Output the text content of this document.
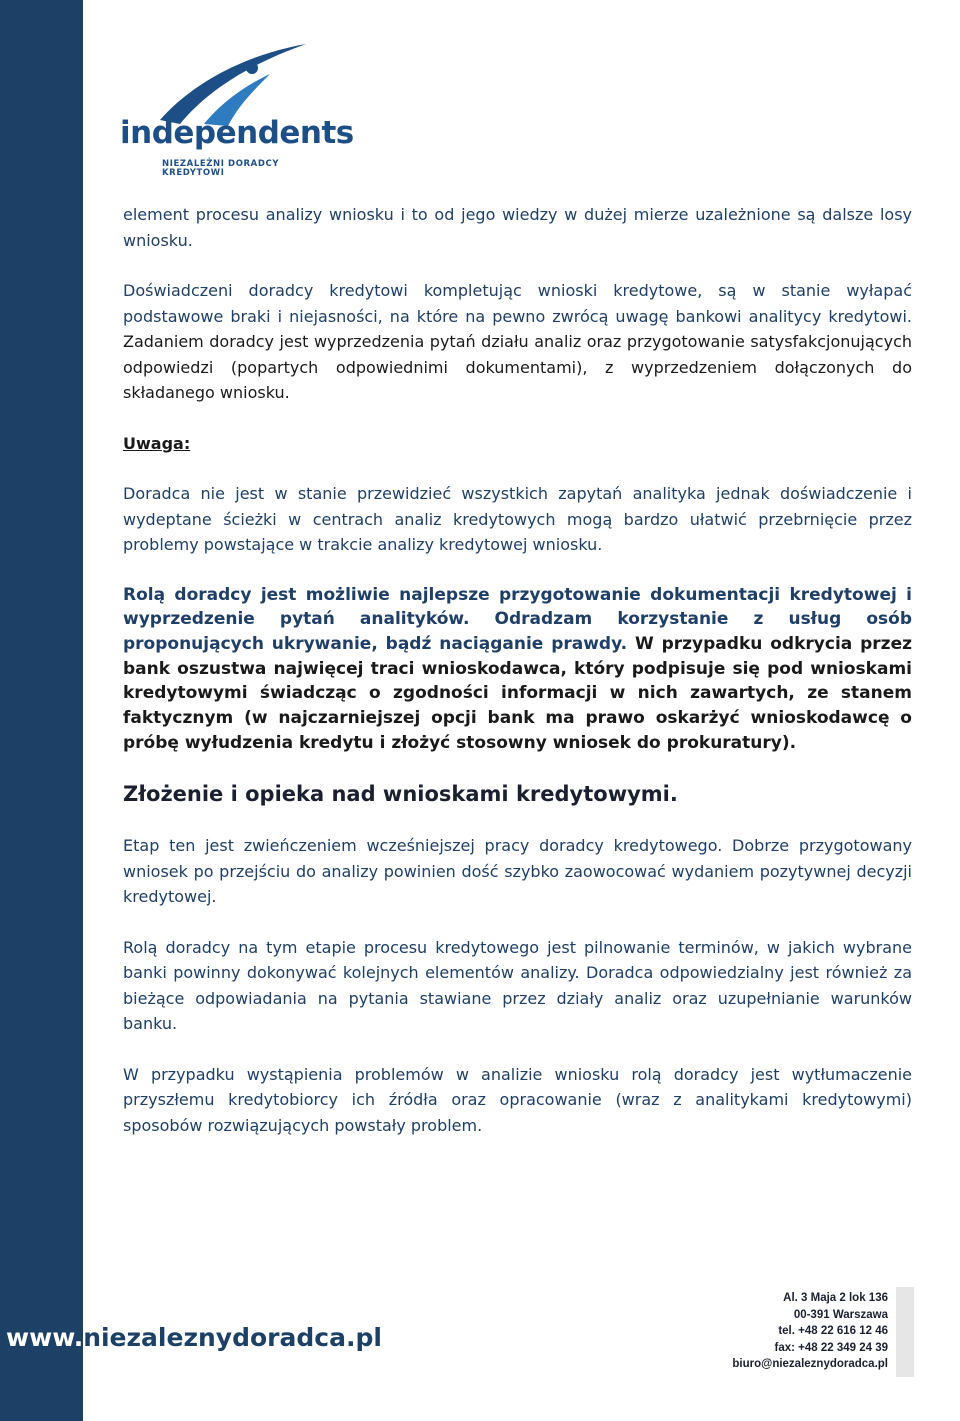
independents
NIEZALEŻNI DORADCY KREDYTOWI

element procesu analizy wniosku i to od jego wiedzy w dużej mierze uzależnione są dalsze losy wniosku.

Doświadczeni doradcy kredytowi kompletując wnioski kredytowe, są w stanie wyłapać podstawowe braki i niejasności, na które na pewno zwrócą uwagę bankowi analitycy kredytowi. Zadaniem doradcy jest wyprzedzenia pytań działu analiz oraz przygotowanie satysfakcjonujących odpowiedzi (popartych odpowiednimi dokumentami), z wyprzedzeniem dołączonych do składanego wniosku.

Uwaga:

Doradca nie jest w stanie przewidzieć wszystkich zapytań analityka jednak doświadczenie i wydeptane ścieżki w centrach analiz kredytowych mogą bardzo ułatwić przebrnięcie przez problemy powstające w trakcie analizy kredytowej wniosku.

Rolą doradcy jest możliwie najlepsze przygotowanie dokumentacji kredytowej i wyprzedzenie pytań analityków. Odradzam korzystanie z usług osób proponujących ukrywanie, bądź naciąganie prawdy. W przypadku odkrycia przez bank oszustwa najwięcej traci wnioskodawca, który podpisuje się pod wnioskami kredytowymi świadcząc o zgodności informacji w nich zawartych, ze stanem faktycznym (w najczarniejszej opcji bank ma prawo oskarżyć wnioskodawcę o próbę wyłudzenia kredytu i złożyć stosowny wniosek do prokuratury).

Złożenie i opieka nad wnioskami kredytowymi.

Etap ten jest zwieńczeniem wcześniejszej pracy doradcy kredytowego. Dobrze przygotowany wniosek po przejściu do analizy powinien dość szybko zaowocować wydaniem pozytywnej decyzji kredytowej.

Rolą doradcy na tym etapie procesu kredytowego jest pilnowanie terminów, w jakich wybrane banki powinny dokonywać kolejnych elementów analizy. Doradca odpowiedzialny jest również za bieżące odpowiadania na pytania stawiane przez działy analiz oraz uzupełnianie warunków banku.

W przypadku wystąpienia problemów w analizie wniosku rolą doradcy jest wytłumaczenie przyszłemu kredytobiorcy ich źródła oraz opracowanie (wraz z analitykami kredytowymi) sposobów rozwiązujących powstały problem.

www.niezaleznydoradca.pl
Al. 3 Maja 2 lok 136
00-391 Warszawa
tel. +48 22 616 12 46
fax: +48 22 349 24 39
biuro@niezaleznydoradca.pl
